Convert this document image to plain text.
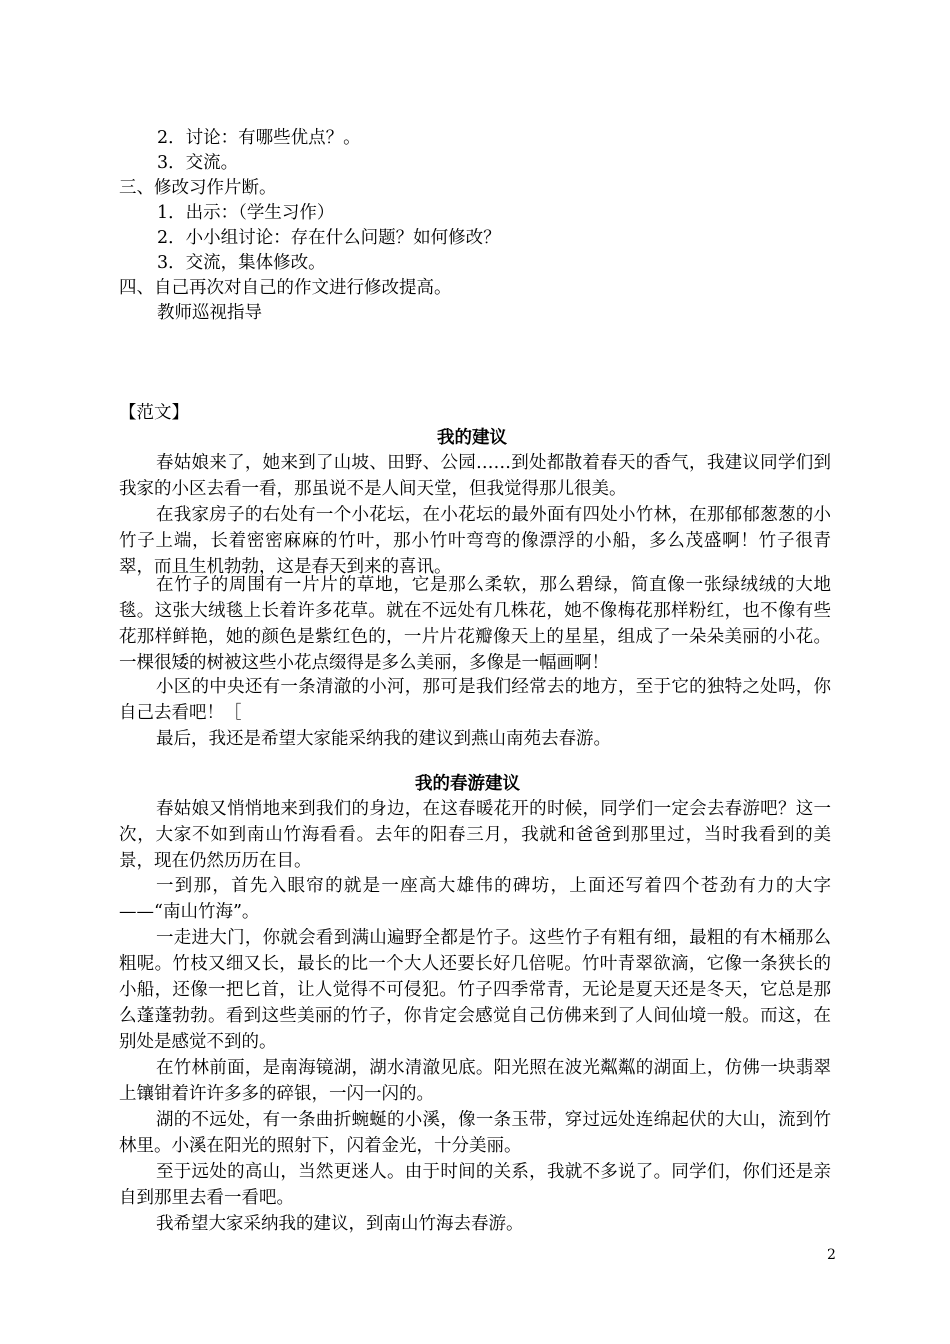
2．讨论：有哪些优点？。
3．交流。
三、修改习作片断。
1．出示：（学生习作）
2．小小组讨论：存在什么问题？如何修改？
3．交流，集体修改。
四、自己再次对自己的作文进行修改提高。
教师巡视指导
【范文】
我的建议
春姑娘来了，她来到了山坡、田野、公园……到处都散着春天的香气，我建议同学们到我家的小区去看一看，那虽说不是人间天堂，但我觉得那儿很美。
在我家房子的右处有一个小花坛，在小花坛的最外面有四处小竹林，在那郁郁葱葱的小竹子上端，长着密密麻麻的竹叶，那小竹叶弯弯的像漂浮的小船，多么茂盛啊！竹子很青翠，而且生机勃勃，这是春天到来的喜讯。
在竹子的周围有一片片的草地，它是那么柔软，那么碧绿，简直像一张绿绒绒的大地毯。这张大绒毯上长着许多花草。就在不远处有几株花，她不像梅花那样粉红，也不像有些花那样鲜艳，她的颜色是紫红色的，一片片花瓣像天上的星星，组成了一朵朵美丽的小花。一棵很矮的树被这些小花点缀得是多么美丽，多像是一幅画啊！
小区的中央还有一条清澈的小河，那可是我们经常去的地方，至于它的独特之处吗，你自己去看吧！［
最后，我还是希望大家能采纳我的建议到燕山南苑去春游。
我的春游建议
春姑娘又悄悄地来到我们的身边，在这春暖花开的时候，同学们一定会去春游吧？这一次，大家不如到南山竹海看看。去年的阳春三月，我就和爸爸到那里过，当时我看到的美景，现在仍然历历在目。
一到那，首先入眼帘的就是一座高大雄伟的碑坊，上面还写着四个苍劲有力的大字——“南山竹海”。
一走进大门，你就会看到满山遍野全都是竹子。这些竹子有粗有细，最粗的有木桶那么粗呢。竹枝又细又长，最长的比一个大人还要长好几倍呢。竹叶青翠欲滴，它像一条狭长的小船，还像一把匕首，让人觉得不可侵犯。竹子四季常青，无论是夏天还是冬天，它总是那么蓬蓬勃勃。看到这些美丽的竹子，你肯定会感觉自己仿佛来到了人间仙境一般。而这，在别处是感觉不到的。
在竹林前面，是南海镜湖，湖水清澈见底。阳光照在波光粼粼的湖面上，仿佛一块翡翠上镶钳着许许多多的碎银，一闪一闪的。
湖的不远处，有一条曲折蜿蜒的小溪，像一条玉带，穿过远处连绵起伏的大山，流到竹林里。小溪在阳光的照射下，闪着金光，十分美丽。
至于远处的高山，当然更迷人。由于时间的关系，我就不多说了。同学们，你们还是亲自到那里去看一看吧。
我希望大家采纳我的建议，到南山竹海去春游。
2
